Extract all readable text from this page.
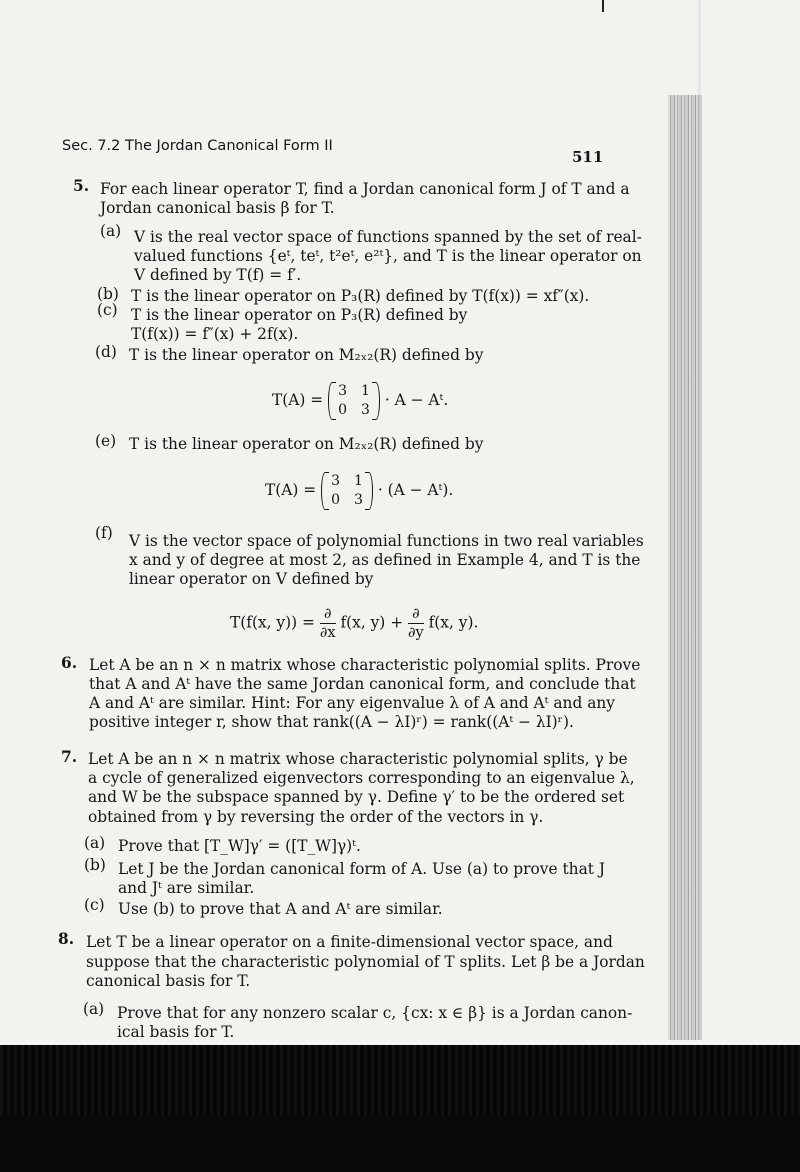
Sec. 7.2 The Jordan Canonical Form II
511
5. For each linear operator T, find a Jordan canonical form J of T and a
Jordan canonical basis β for T.
(a) V is the real vector space of functions spanned by the set of real-
valued functions {eᵗ, teᵗ, t²eᵗ, e²ᵗ}, and T is the linear operator on
V defined by T(f) = f′.
(b) T is the linear operator on P₃(R) defined by T(f(x)) = xf″(x).
(c) T is the linear operator on P₃(R) defined by
T(f(x)) = f″(x) + 2f(x).
(d) T is the linear operator on M₂ₓ₂(R) defined by
T(A) = 3 1
0 3
· A − Aᵗ.
(e) T is the linear operator on M₂ₓ₂(R) defined by
T(A) = 3 1
0 3
· (A − Aᵗ).
(f) V is the vector space of polynomial functions in two real variables
x and y of degree at most 2, as defined in Example 4, and T is the
linear operator on V defined by
T(f(x, $y)) = \frac{\partial}{\partial x} f(x$, $y) + \frac{\partial}{\partial y} f(x$, y).
6. Let A be an n × n matrix whose characteristic polynomial splits. Prove
that A and Aᵗ have the same Jordan canonical form, and conclude that
A and Aᵗ are similar. Hint: For any eigenvalue λ of A and Aᵗ and any
positive integer r, show that rank((A − λI)ʳ) = rank((Aᵗ − λI)ʳ).
7. Let A be an n × n matrix whose characteristic polynomial splits, γ be
a cycle of generalized eigenvectors corresponding to an eigenvalue λ,
and W be the subspace spanned by γ. Define γ′ to be the ordered set
obtained from γ by reversing the order of the vectors in γ.
(a) Prove that [T_W]γ′ = ([T_W]γ)ᵗ.
(b) Let J be the Jordan canonical form of A. Use (a) to prove that J
and Jᵗ are similar.
(c) Use (b) to prove that A and Aᵗ are similar.
8. Let T be a linear operator on a finite-dimensional vector space, and
suppose that the characteristic polynomial of T splits. Let β be a Jordan
canonical basis for T.
(a) Prove that for any nonzero scalar c, {cx: x ∈ β} is a Jordan canon-
ical basis for T.
